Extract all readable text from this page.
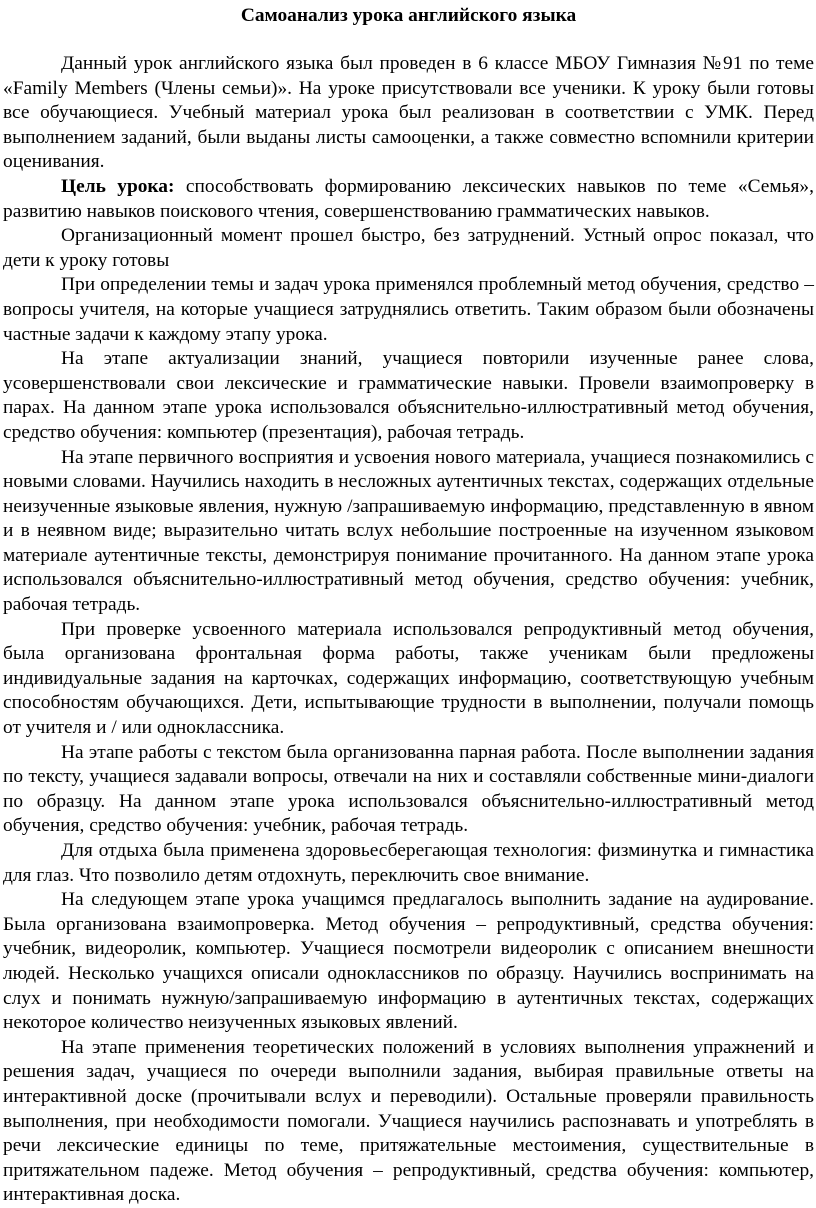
Самоанализ урока английского языка

Данный урок английского языка был проведен в 6 классе МБОУ Гимназия №91 по теме «Family Members (Члены семьи)». На уроке присутствовали все ученики. К уроку были готовы все обучающиеся. Учебный материал урока был реализован в соответствии с УМК. Перед выполнением заданий, были выданы листы самооценки, а также совместно вспомнили критерии оценивания.

Цель урока: способствовать формированию лексических навыков по теме «Семья», развитию навыков поискового чтения, совершенствованию грамматических навыков.

Организационный момент прошел быстро, без затруднений. Устный опрос показал, что дети к уроку готовы

При определении темы и задач урока применялся проблемный метод обучения, средство – вопросы учителя, на которые учащиеся затруднялись ответить. Таким образом были обозначены частные задачи к каждому этапу урока.

На этапе актуализации знаний, учащиеся повторили изученные ранее слова, усовершенствовали свои лексические и грамматические навыки. Провели взаимопроверку в парах. На данном этапе урока использовался объяснительно-иллюстративный метод обучения, средство обучения: компьютер (презентация), рабочая тетрадь.

На этапе первичного восприятия и усвоения нового материала, учащиеся познакомились с новыми словами. Научились находить в несложных аутентичных текстах, содержащих отдельные неизученные языковые явления, нужную /запрашиваемую информацию, представленную в явном и в неявном виде; выразительно читать вслух небольшие построенные на изученном языковом материале аутентичные тексты, демонстрируя понимание прочитанного. На данном этапе урока использовался объяснительно-иллюстративный метод обучения, средство обучения: учебник, рабочая тетрадь.

При проверке усвоенного материала использовался репродуктивный метод обучения, была организована фронтальная форма работы, также ученикам были предложены индивидуальные задания на карточках, содержащих информацию, соответствующую учебным способностям обучающихся. Дети, испытывающие трудности в выполнении, получали помощь от учителя и / или одноклассника.

На этапе работы с текстом была организованна парная работа. После выполнении задания по тексту, учащиеся задавали вопросы, отвечали на них и составляли собственные мини-диалоги по образцу. На данном этапе урока использовался объяснительно-иллюстративный метод обучения, средство обучения: учебник, рабочая тетрадь.

Для отдыха была применена здоровьесберегающая технология: физминутка и гимнастика для глаз. Что позволило детям отдохнуть, переключить свое внимание.

На следующем этапе урока учащимся предлагалось выполнить задание на аудирование. Была организована взаимопроверка. Метод обучения – репродуктивный, средства обучения: учебник, видеоролик, компьютер. Учащиеся посмотрели видеоролик с описанием внешности людей. Несколько учащихся описали одноклассников по образцу. Научились воспринимать на слух и понимать нужную/запрашиваемую информацию в аутентичных текстах, содержащих некоторое количество неизученных языковых явлений.

На этапе применения теоретических положений в условиях выполнения упражнений и решения задач, учащиеся по очереди выполнили задания, выбирая правильные ответы на интерактивной доске (прочитывали вслух и переводили). Остальные проверяли правильность выполнения, при необходимости помогали. Учащиеся научились распознавать и употреблять в речи лексические единицы по теме, притяжательные местоимения, существительные в притяжательном падеже. Метод обучения – репродуктивный, средства обучения: компьютер, интерактивная доска.
